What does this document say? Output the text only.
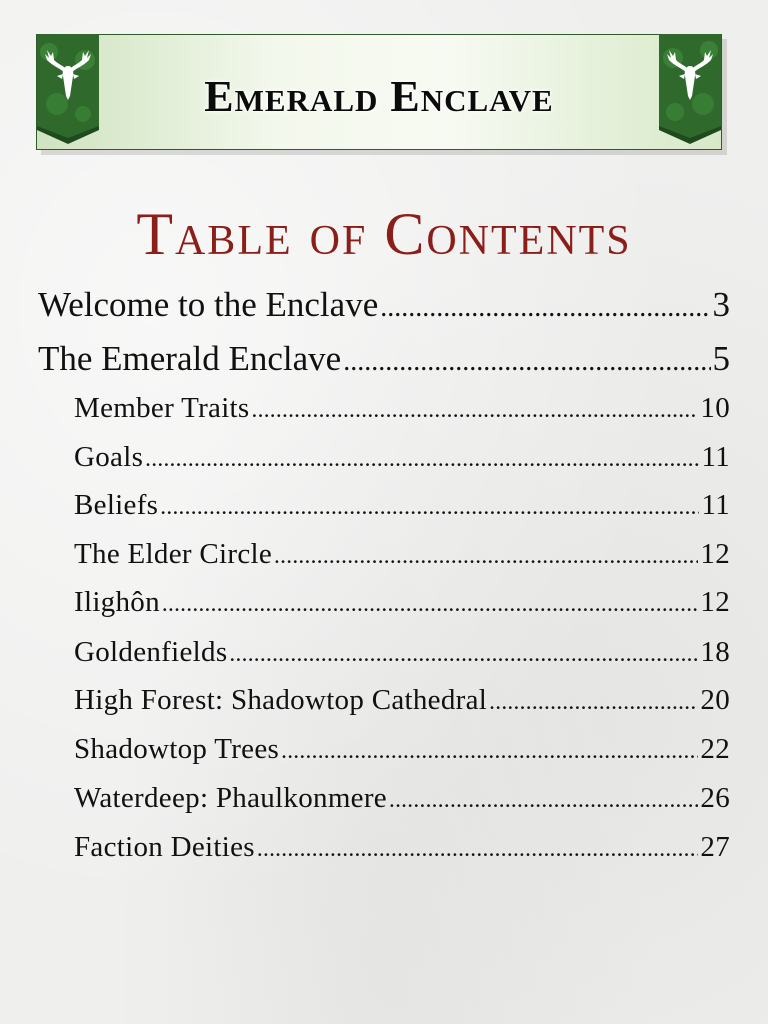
Emerald Enclave
Table of Contents
Welcome to the Enclave .....	3
The Emerald Enclave .....	5
Member Traits .....	10
Goals .....	11
Beliefs .....	11
The Elder Circle .....	12
Ilighôn .....	12
Goldenfields .....	18
High Forest: Shadowtop Cathedral .....	20
Shadowtop Trees .....	22
Waterdeep: Phaulkonmere .....	26
Faction Deities .....	27
